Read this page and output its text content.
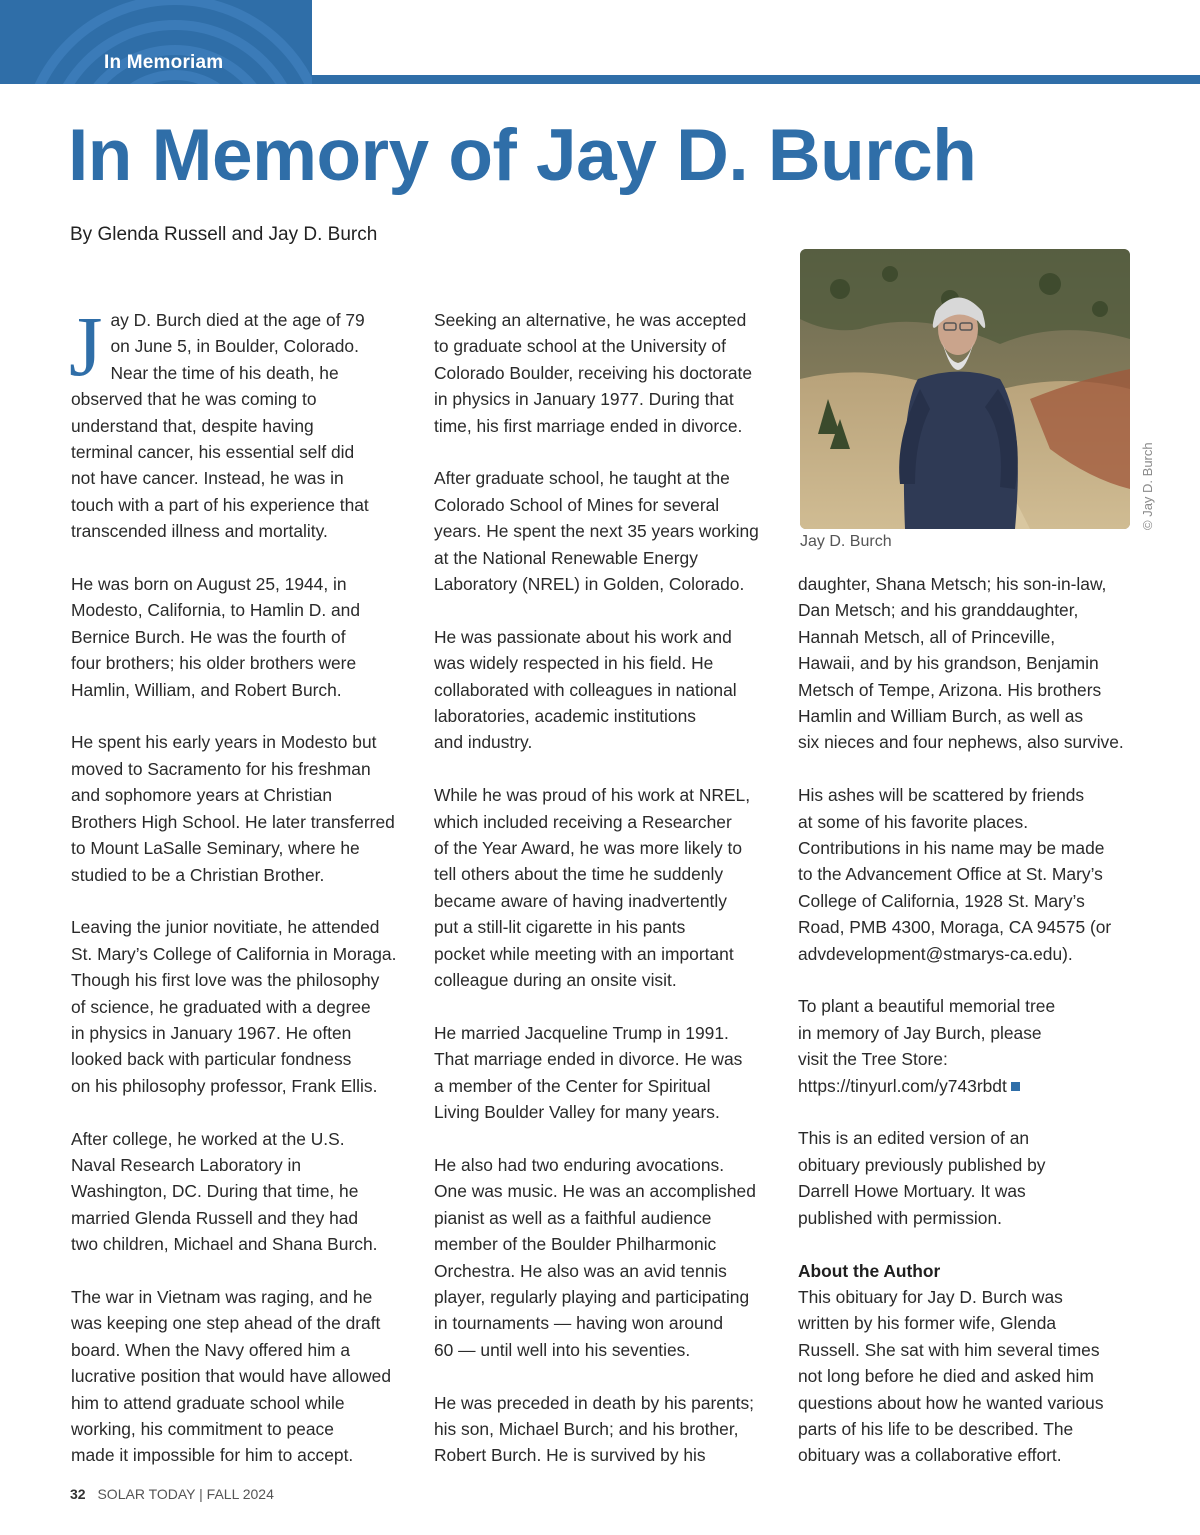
In Memoriam
In Memory of Jay D. Burch
By Glenda Russell and Jay D. Burch

J ay D. Burch died at the age of 79
on June 5, in Boulder, Colorado.
Near the time of his death, he
observed that he was coming to
understand that, despite having
terminal cancer, his essential self did
not have cancer. Instead, he was in
touch with a part of his experience that
transcended illness and mortality.

He was born on August 25, 1944, in
Modesto, California, to Hamlin D. and
Bernice Burch. He was the fourth of
four brothers; his older brothers were
Hamlin, William, and Robert Burch.

He spent his early years in Modesto but
moved to Sacramento for his freshman
and sophomore years at Christian
Brothers High School. He later transferred
to Mount LaSalle Seminary, where he
studied to be a Christian Brother.

Leaving the junior novitiate, he attended
St. Mary’s College of California in Moraga.
Though his first love was the philosophy
of science, he graduated with a degree
in physics in January 1967. He often
looked back with particular fondness
on his philosophy professor, Frank Ellis.

After college, he worked at the U.S.
Naval Research Laboratory in
Washington, DC. During that time, he
married Glenda Russell and they had
two children, Michael and Shana Burch.

The war in Vietnam was raging, and he
was keeping one step ahead of the draft
board. When the Navy offered him a
lucrative position that would have allowed
him to attend graduate school while
working, his commitment to peace
made it impossible for him to accept.

Seeking an alternative, he was accepted
to graduate school at the University of
Colorado Boulder, receiving his doctorate
in physics in January 1977. During that
time, his first marriage ended in divorce.

After graduate school, he taught at the
Colorado School of Mines for several
years. He spent the next 35 years working
at the National Renewable Energy
Laboratory (NREL) in Golden, Colorado.

He was passionate about his work and
was widely respected in his field. He
collaborated with colleagues in national
laboratories, academic institutions
and industry.

While he was proud of his work at NREL,
which included receiving a Researcher
of the Year Award, he was more likely to
tell others about the time he suddenly
became aware of having inadvertently
put a still-lit cigarette in his pants
pocket while meeting with an important
colleague during an onsite visit.

He married Jacqueline Trump in 1991.
That marriage ended in divorce. He was
a member of the Center for Spiritual
Living Boulder Valley for many years.

He also had two enduring avocations.
One was music. He was an accomplished
pianist as well as a faithful audience
member of the Boulder Philharmonic
Orchestra. He also was an avid tennis
player, regularly playing and participating
in tournaments — having won around
60 — until well into his seventies.

He was preceded in death by his parents;
his son, Michael Burch; and his brother,
Robert Burch. He is survived by his

© Jay D. Burch
Jay D. Burch

daughter, Shana Metsch; his son-in-law,
Dan Metsch; and his granddaughter,
Hannah Metsch, all of Princeville,
Hawaii, and by his grandson, Benjamin
Metsch of Tempe, Arizona. His brothers
Hamlin and William Burch, as well as
six nieces and four nephews, also survive.

His ashes will be scattered by friends
at some of his favorite places.
Contributions in his name may be made
to the Advancement Office at St. Mary’s
College of California, 1928 St. Mary’s
Road, PMB 4300, Moraga, CA 94575 (or
advdevelopment@stmarys-ca.edu).

To plant a beautiful memorial tree
in memory of Jay Burch, please
visit the Tree Store:
https://tinyurl.com/y743rbdt

This is an edited version of an
obituary previously published by
Darrell Howe Mortuary. It was
published with permission.

About the Author
This obituary for Jay D. Burch was
written by his former wife, Glenda
Russell. She sat with him several times
not long before he died and asked him
questions about how he wanted various
parts of his life to be described. The
obituary was a collaborative effort.

32 SOLAR TODAY | FALL 2024
